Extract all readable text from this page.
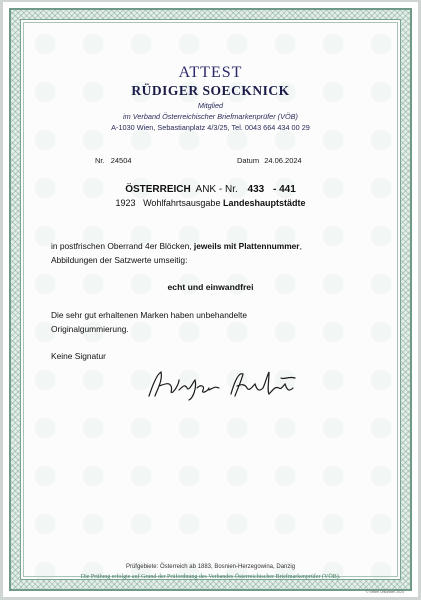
ATTEST
RÜDIGER SOECKNICK
Mitglied
im Verband Österreichischer Briefmarkenprüfer (VÖB)
A-1030 Wien, Sebastianplatz 4/3/25, Tel. 0043 664 434 00 29
Nr. 24504	Datum 24.06.2024
ÖSTERREICH ANK - Nr. 433 - 441
1923 Wohlfahrtsausgabe Landeshauptstädte
in postfrischen Oberrand 4er Blöcken, jeweils mit Plattennummer,
Abbildungen der Satzwerte umseitig:
echt und einwandfrei
Die sehr gut erhaltenen Marken haben unbehandelte
Originalgummierung.
Keine Signatur
Prüfgebiete: Österreich ab 1883, Bosnien-Herzegowina, Danzig
Die Prüfung erfolgte auf Grund der Prüfordnung des Verbandes Österreichischer Briefmarkenprüfer (VÖB).
© Seidel Urkunden 2024
